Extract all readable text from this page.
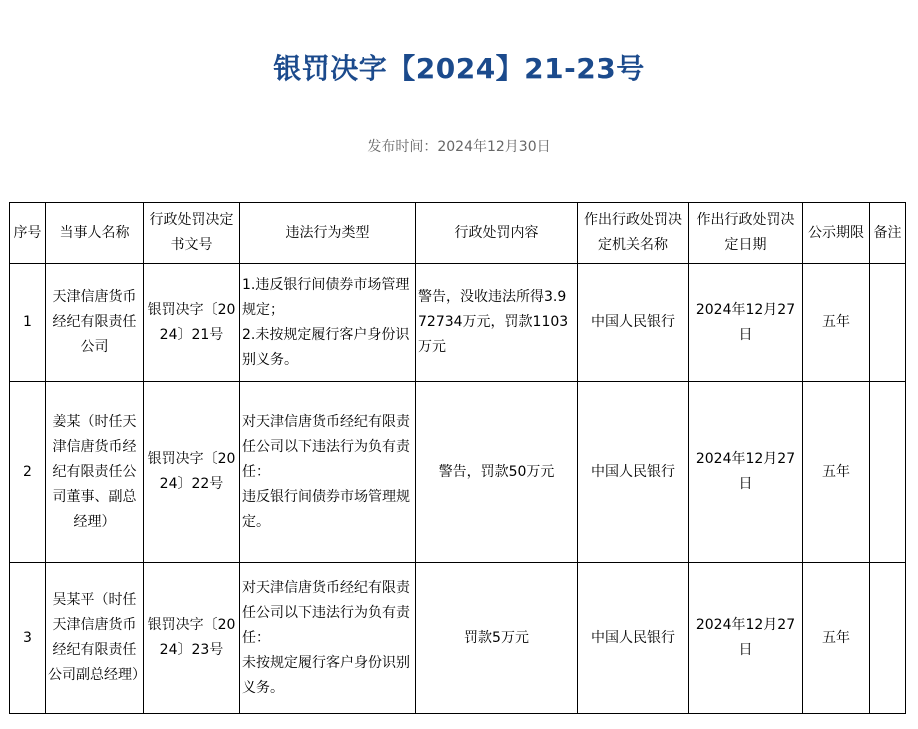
银罚决字【2024】21-23号
发布时间：2024年12月30日
序号	当事人名称	行政处罚决定书文号	违法行为类型	行政处罚内容	作出行政处罚决定机关名称	作出行政处罚决定日期	公示期限	备注
1	天津信唐货币经纪有限责任公司	银罚决字〔2024〕21号	1.违反银行间债券市场管理规定；
2.未按规定履行客户身份识别义务。	警告，没收违法所得3.972734万元，罚款1103万元	中国人民银行	2024年12月27日	五年	
2	姜某（时任天津信唐货币经纪有限责任公司董事、副总经理）	银罚决字〔2024〕22号	对天津信唐货币经纪有限责任公司以下违法行为负有责任：
违反银行间债券市场管理规定。	警告，罚款50万元	中国人民银行	2024年12月27日	五年	
3	吴某平（时任天津信唐货币经纪有限责任公司副总经理）	银罚决字〔2024〕23号	对天津信唐货币经纪有限责任公司以下违法行为负有责任：
未按规定履行客户身份识别义务。	罚款5万元	中国人民银行	2024年12月27日	五年	
